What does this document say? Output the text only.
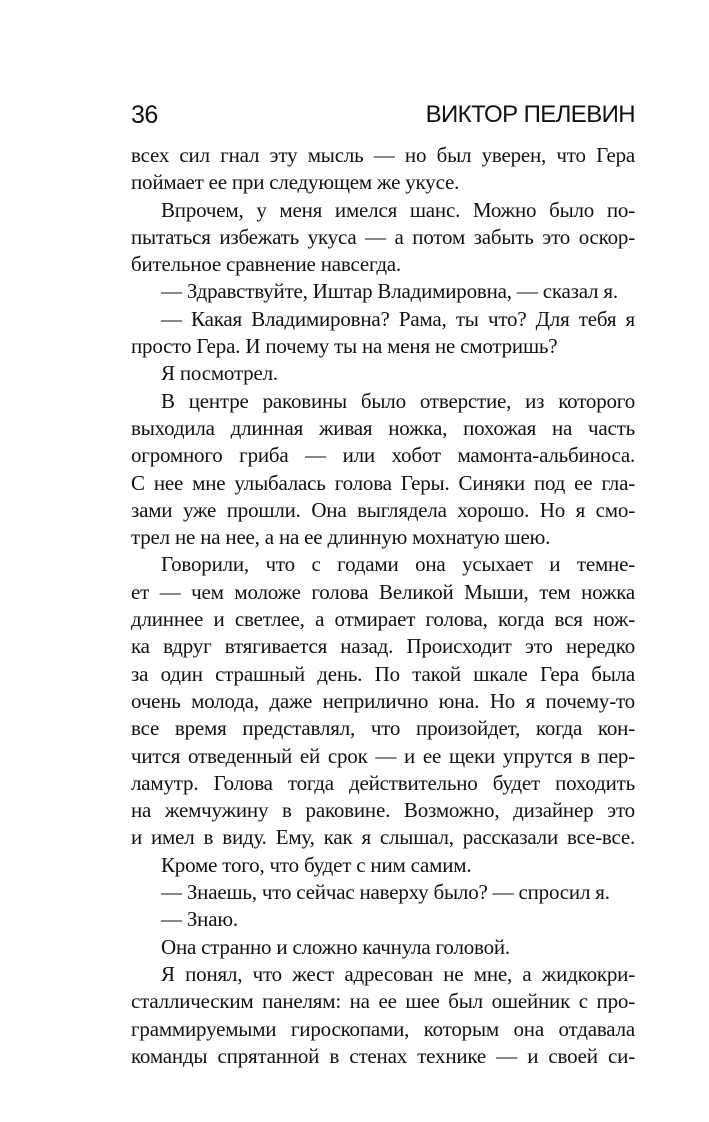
36	ВИКТОР ПЕЛЕВИН
всех сил гнал эту мысль — но был уверен, что Гера
поймает ее при следующем же укусе.
Впрочем, у меня имелся шанс. Можно было по-
пытаться избежать укуса — а потом забыть это оскор-
бительное сравнение навсегда.
— Здравствуйте, Иштар Владимировна, — сказал я.
— Какая Владимировна? Рама, ты что? Для тебя я
просто Гера. И почему ты на меня не смотришь?
Я посмотрел.
В центре раковины было отверстие, из которого
выходила длинная живая ножка, похожая на часть
огромного гриба — или хобот мамонта-альбиноса.
С нее мне улыбалась голова Геры. Синяки под ее гла-
зами уже прошли. Она выглядела хорошо. Но я смо-
трел не на нее, а на ее длинную мохнатую шею.
Говорили, что с годами она усыхает и темне-
ет — чем моложе голова Великой Мыши, тем ножка
длиннее и светлее, а отмирает голова, когда вся нож-
ка вдруг втягивается назад. Происходит это нередко
за один страшный день. По такой шкале Гера была
очень молода, даже неприлично юна. Но я почему-то
все время представлял, что произойдет, когда кон-
чится отведенный ей срок — и ее щеки упрутся в пер-
ламутр. Голова тогда действительно будет походить
на жемчужину в раковине. Возможно, дизайнер это
и имел в виду. Ему, как я слышал, рассказали все-все.
Кроме того, что будет с ним самим.
— Знаешь, что сейчас наверху было? — спросил я.
— Знаю.
Она странно и сложно качнула головой.
Я понял, что жест адресован не мне, а жидкокри-
сталлическим панелям: на ее шее был ошейник с про-
граммируемыми гироскопами, которым она отдавала
команды спрятанной в стенах технике — и своей си-
